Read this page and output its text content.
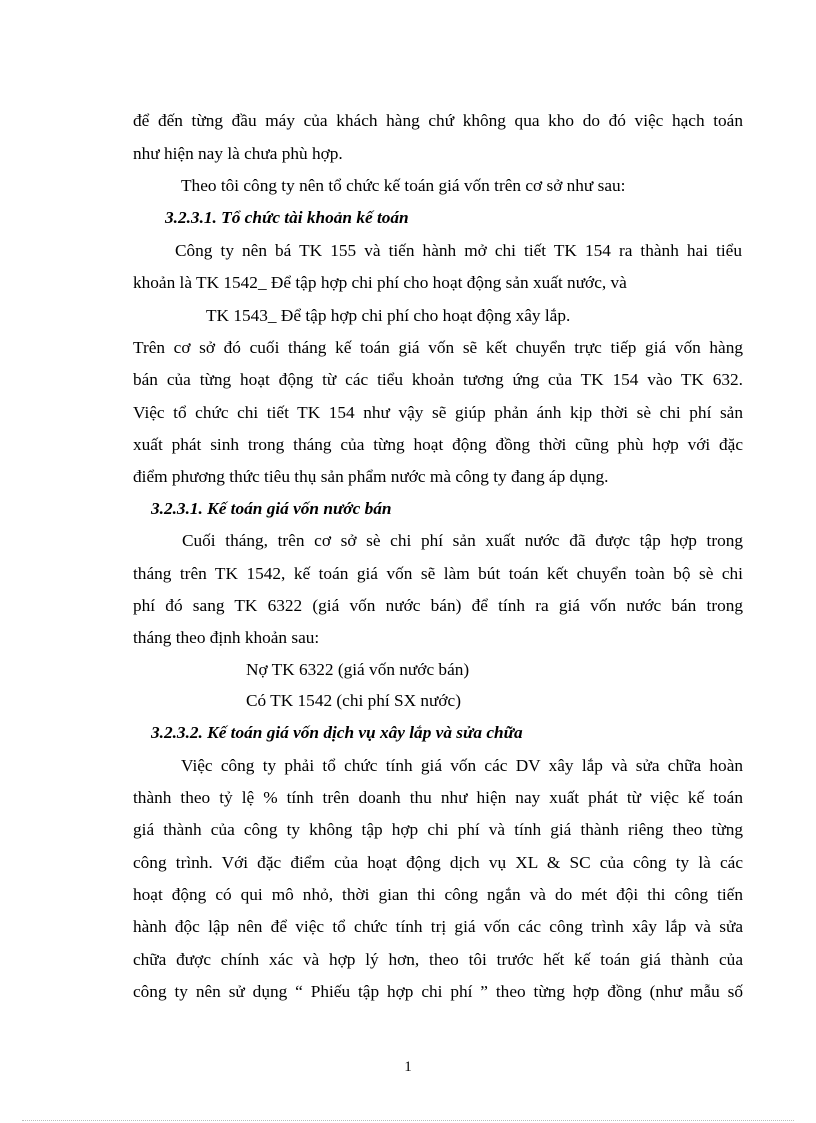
để đến từng đầu máy của khách hàng chứ không qua kho do đó việc hạch toán
như hiện nay là chưa phù hợp.
Theo tôi công ty nên tổ chức kế toán giá vốn trên cơ sở như sau:
3.2.3.1. Tổ chức tài khoản kế toán
Công ty nên bá TK 155 và tiến hành mở chi tiết TK 154 ra thành hai tiểu
khoản là TK 1542_ Để tập hợp chi phí cho hoạt động sản xuất nước, và
TK 1543_ Để tập hợp chi phí cho hoạt động xây lắp.
Trên cơ sở đó cuối tháng kế toán giá vốn sẽ kết chuyển trực tiếp giá vốn hàng
bán của từng hoạt động từ các tiểu khoản tương ứng của TK 154 vào TK 632.
Việc tổ chức chi tiết TK 154 như vậy sẽ giúp phản ánh kịp thời sè chi phí sản
xuất phát sinh trong tháng của từng hoạt động đồng thời cũng phù hợp với đặc
điểm phương thức tiêu thụ sản phẩm nước mà công ty đang áp dụng.
3.2.3.1. Kế toán giá vốn nước bán
Cuối tháng, trên cơ sở sè chi phí sản xuất nước đã được tập hợp trong
tháng trên TK 1542, kế toán giá vốn sẽ làm bút toán kết chuyển toàn bộ sè chi
phí đó sang TK 6322 (giá vốn nước bán) để tính ra giá vốn nước bán trong
tháng theo định khoản sau:
Nợ TK 6322 (giá vốn nước bán)
Có TK 1542 (chi phí SX nước)
3.2.3.2. Kế toán giá vốn dịch vụ xây lắp và sửa chữa
Việc công ty phải tổ chức tính giá vốn các DV xây lắp và sửa chữa hoàn
thành theo tỷ lệ % tính trên doanh thu như hiện nay xuất phát từ việc kế toán
giá thành của công ty không tập hợp chi phí và tính giá thành riêng theo từng
công trình. Với đặc điểm của hoạt động dịch vụ XL & SC của công ty là các
hoạt động có qui mô nhỏ, thời gian thi công ngắn và do mét đội thi công tiến
hành độc lập nên để việc tổ chức tính trị giá vốn các công trình xây lắp và sửa
chữa được chính xác và hợp lý hơn, theo tôi trước hết kế toán giá thành của
công ty nên sử dụng “ Phiếu tập hợp chi phí ” theo từng hợp đồng (như mẫu số
1
